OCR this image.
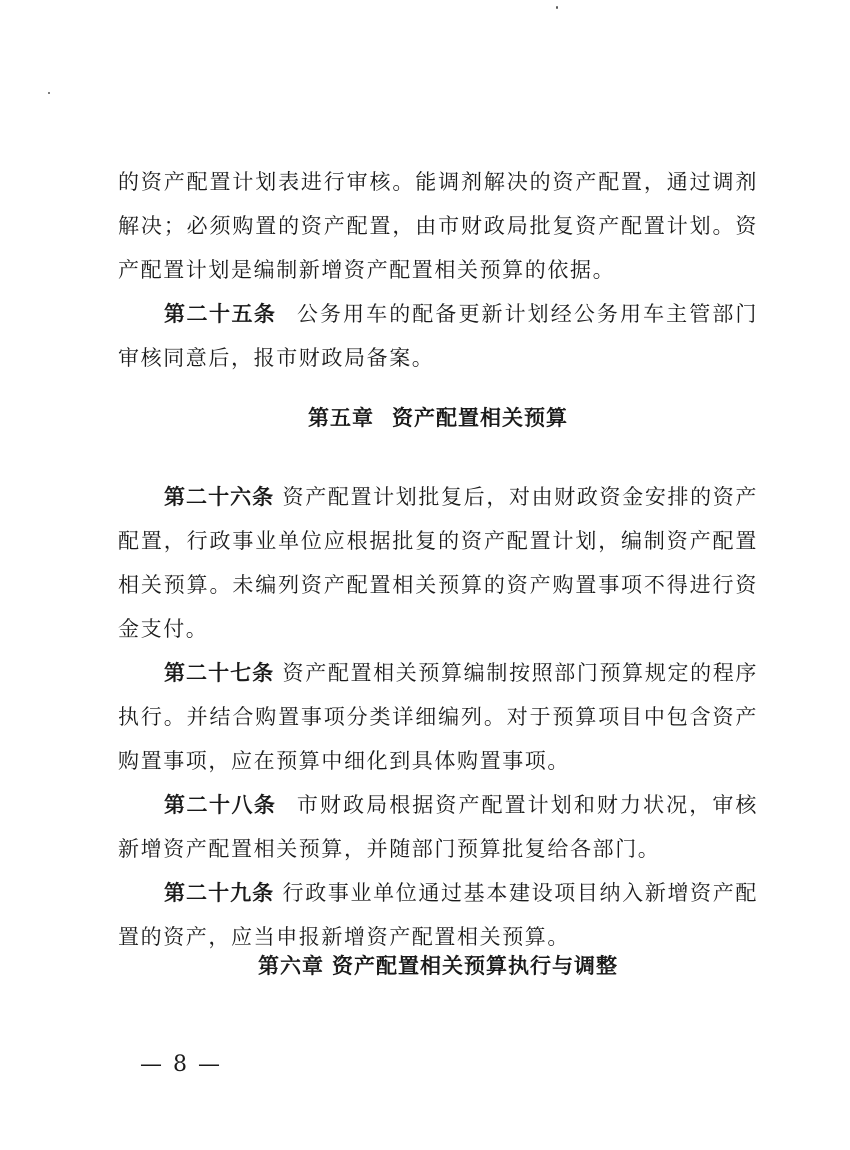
的资产配置计划表进行审核。能调剂解决的资产配置，通过调剂解决；必须购置的资产配置，由市财政局批复资产配置计划。资产配置计划是编制新增资产配置相关预算的依据。

第二十五条 公务用车的配备更新计划经公务用车主管部门审核同意后，报市财政局备案。

第五章 资产配置相关预算

第二十六条 资产配置计划批复后，对由财政资金安排的资产配置，行政事业单位应根据批复的资产配置计划，编制资产配置相关预算。未编列资产配置相关预算的资产购置事项不得进行资金支付。

第二十七条 资产配置相关预算编制按照部门预算规定的程序执行。并结合购置事项分类详细编列。对于预算项目中包含资产购置事项，应在预算中细化到具体购置事项。

第二十八条 市财政局根据资产配置计划和财力状况，审核新增资产配置相关预算，并随部门预算批复给各部门。

第二十九条 行政事业单位通过基本建设项目纳入新增资产配置的资产，应当申报新增资产配置相关预算。

第六章 资产配置相关预算执行与调整
— 8 —
